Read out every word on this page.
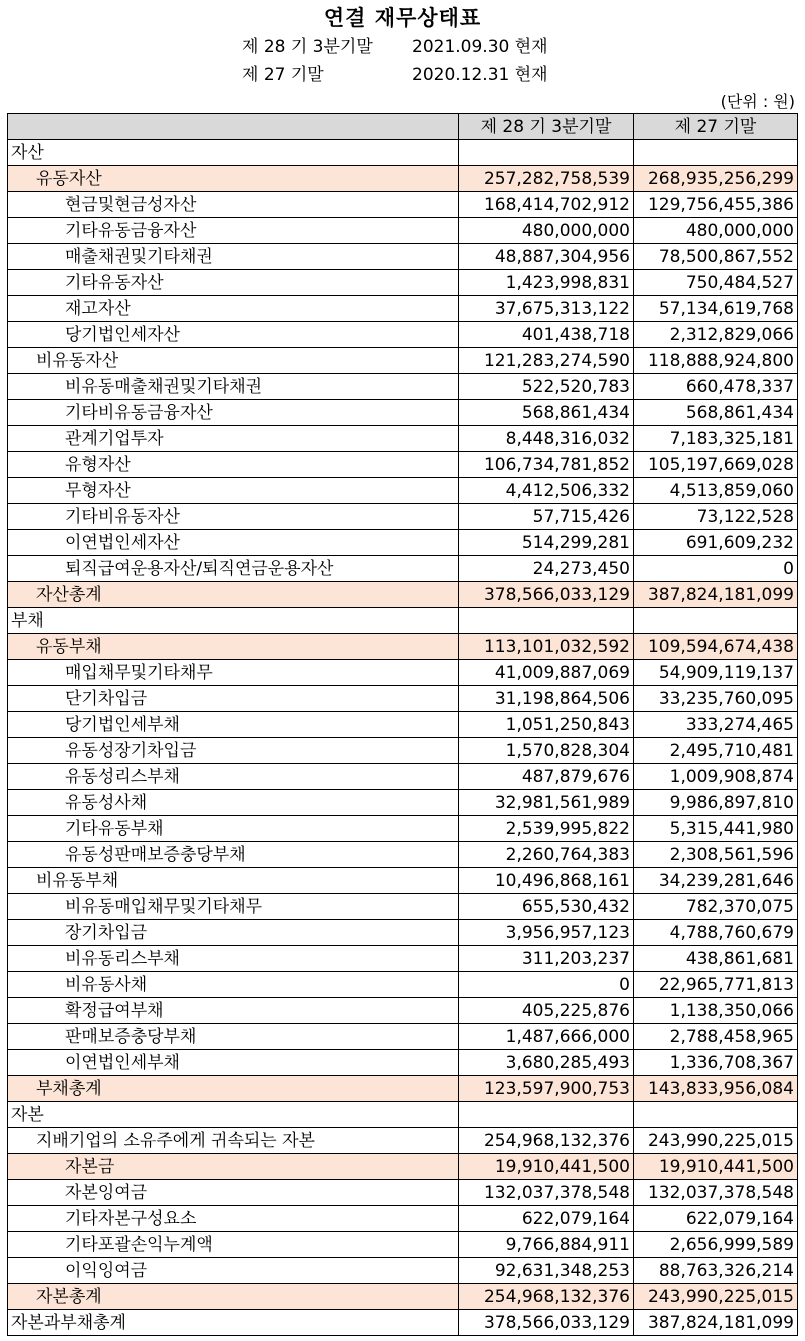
연결 재무상태표
제 28 기 3분기말 2021.09.30 현재
제 27 기말	2020.12.31 현재
(단위 : 원)
	제 28 기 3분기말	제 27 기말
자산		
유동자산	257,282,758,539	268,935,256,299
현금및현금성자산	168,414,702,912	129,756,455,386
기타유동금융자산	480,000,000	480,000,000
매출채권및기타채권	48,887,304,956	78,500,867,552
기타유동자산	1,423,998,831	750,484,527
재고자산	37,675,313,122	57,134,619,768
당기법인세자산	401,438,718	2,312,829,066
비유동자산	121,283,274,590	118,888,924,800
비유동매출채권및기타채권	522,520,783	660,478,337
기타비유동금융자산	568,861,434	568,861,434
관계기업투자	8,448,316,032	7,183,325,181
유형자산	106,734,781,852	105,197,669,028
무형자산	4,412,506,332	4,513,859,060
기타비유동자산	57,715,426	73,122,528
이연법인세자산	514,299,281	691,609,232
퇴직급여운용자산/퇴직연금운용자산	24,273,450	0
자산총계	378,566,033,129	387,824,181,099
부채		
유동부채	113,101,032,592	109,594,674,438
매입채무및기타채무	41,009,887,069	54,909,119,137
단기차입금	31,198,864,506	33,235,760,095
당기법인세부채	1,051,250,843	333,274,465
유동성장기차입금	1,570,828,304	2,495,710,481
유동성리스부채	487,879,676	1,009,908,874
유동성사채	32,981,561,989	9,986,897,810
기타유동부채	2,539,995,822	5,315,441,980
유동성판매보증충당부채	2,260,764,383	2,308,561,596
비유동부채	10,496,868,161	34,239,281,646
비유동매입채무및기타채무	655,530,432	782,370,075
장기차입금	3,956,957,123	4,788,760,679
비유동리스부채	311,203,237	438,861,681
비유동사채	0	22,965,771,813
확정급여부채	405,225,876	1,138,350,066
판매보증충당부채	1,487,666,000	2,788,458,965
이연법인세부채	3,680,285,493	1,336,708,367
부채총계	123,597,900,753	143,833,956,084
자본		
지배기업의 소유주에게 귀속되는 자본	254,968,132,376	243,990,225,015
자본금	19,910,441,500	19,910,441,500
자본잉여금	132,037,378,548	132,037,378,548
기타자본구성요소	622,079,164	622,079,164
기타포괄손익누계액	9,766,884,911	2,656,999,589
이익잉여금	92,631,348,253	88,763,326,214
자본총계	254,968,132,376	243,990,225,015
자본과부채총계	378,566,033,129	387,824,181,099
